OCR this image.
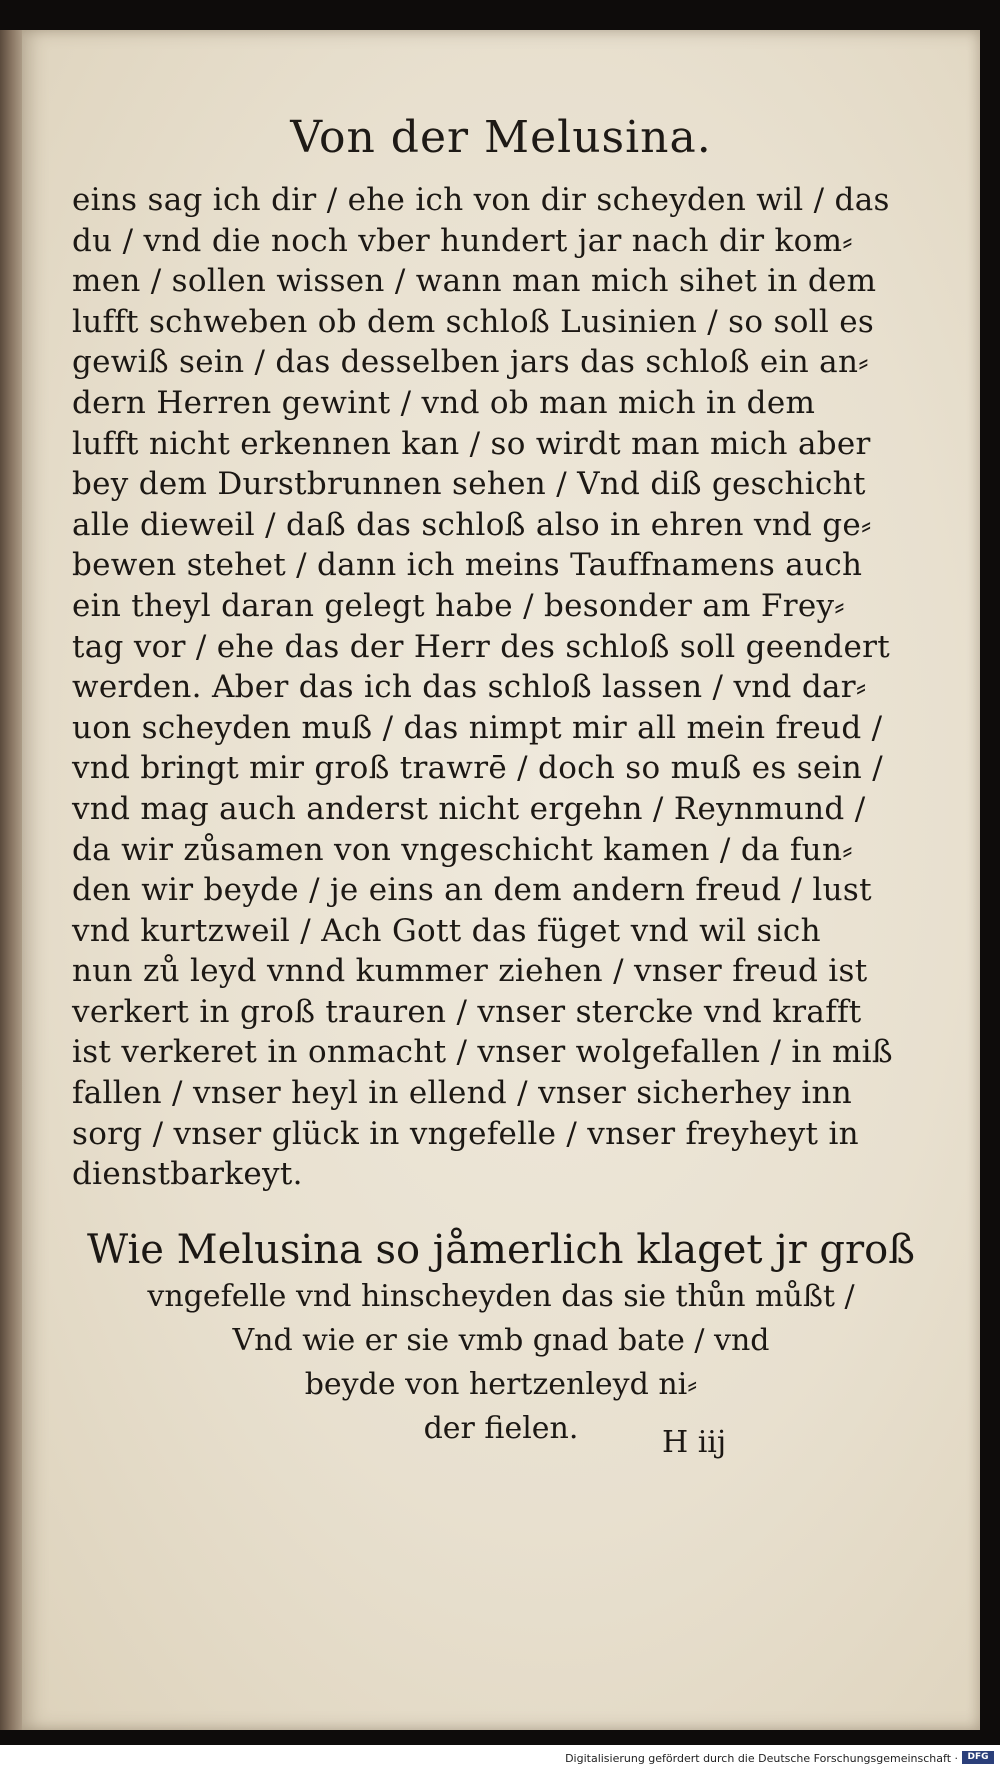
Von der Melusina.
eins sag ich dir / ehe ich von dir scheyden wil / das
du / vnd die noch vber hundert jar nach dir kom⸗
men / sollen wissen / wann man mich sihet in dem
lufft schweben ob dem schloß Lusinien / so soll es
gewiß sein / das desselben jars das schloß ein an⸗
dern Herren gewint / vnd ob man mich in dem
lufft nicht erkennen kan / so wirdt man mich aber
bey dem Durstbrunnen sehen / Vnd diß geschicht
alle dieweil / daß das schloß also in ehren vnd ge⸗
bewen stehet / dann ich meins Tauffnamens auch
ein theyl daran gelegt habe / besonder am Frey⸗
tag vor / ehe das der Herr des schloß soll geendert
werden. Aber das ich das schloß lassen / vnd dar⸗
uon scheyden muß / das nimpt mir all mein freud /
vnd bringt mir groß trawrē / doch so muß es sein /
vnd mag auch anderst nicht ergehn / Reynmund /
da wir zůsamen von vngeschicht kamen / da fun⸗
den wir beyde / je eins an dem andern freud / lust
vnd kurtzweil / Ach Gott das füget vnd wil sich
nun zů leyd vnnd kummer ziehen / vnser freud ist
verkert in groß trauren / vnser stercke vnd krafft
ist verkeret in onmacht / vnser wolgefallen / in miß
fallen / vnser heyl in ellend / vnser sicherhey inn
sorg / vnser glück in vngefelle / vnser freyheyt in
dienstbarkeyt.
Wie Melusina so jåmerlich klaget jr groß
vngefelle vnd hinscheyden das sie thůn můßt /
Vnd wie er sie vmb gnad bate / vnd
beyde von hertzenleyd ni⸗
der fielen.	H iij
Digitalisierung gefördert durch die Deutsche Forschungsgemeinschaft ·	DFG
